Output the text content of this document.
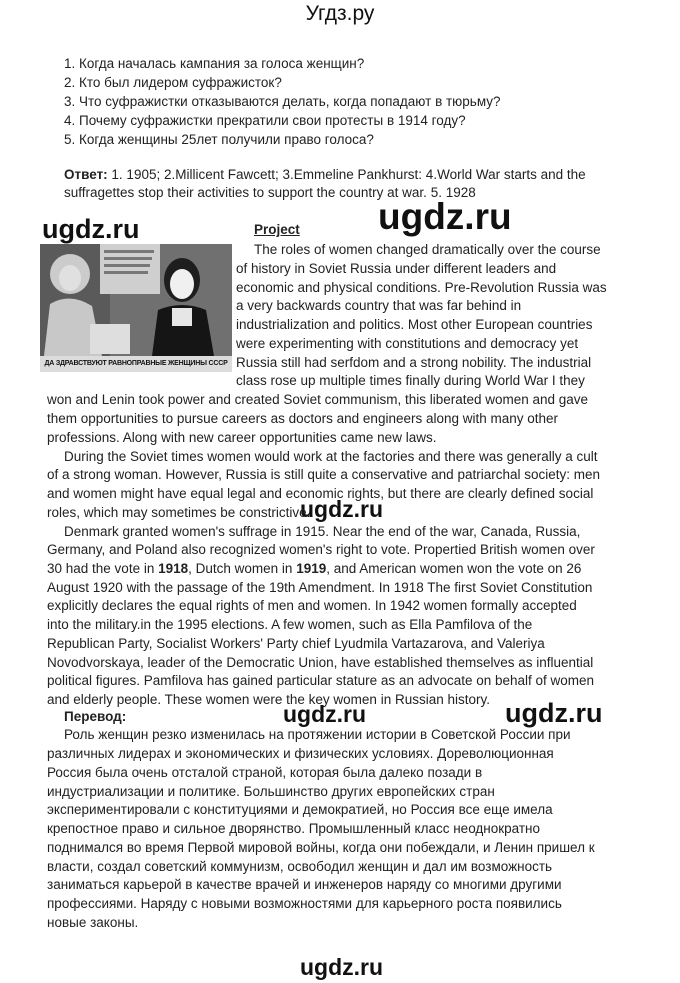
Угдз.ру
1. Когда началась кампания за голоса женщин?
2. Кто был лидером суфражисток?
3. Что суфражистки отказываются делать, когда попадают в тюрьму?
4. Почему суфражистки прекратили свои протесты в 1914 году?
5. Когда женщины 25лет получили право голоса?
Ответ: 1. 1905; 2.Millicent Fawcett; 3.Emmeline Pankhurst: 4.World War starts and the suffragettes stop their activities to support the country at war. 5. 1928
ugdz.ru	ugdz.ru
ugdz.ru
ugdz.ru	ugdz.ru
ugdz.ru
ДА ЗДРАВСТВУЮТ РАВНОПРАВНЫЕ ЖЕНЩИНЫ СССР
Project
The roles of women changed dramatically over the course
of history in Soviet Russia under different leaders and
economic and physical conditions. Pre-Revolution Russia was
a very backwards country that was far behind in
industrialization and politics. Most other European countries
were experimenting with constitutions and democracy yet
Russia still had serfdom and a strong nobility. The industrial
class rose up multiple times finally during World War I they
won and Lenin took power and created Soviet communism, this liberated women and gave
them opportunities to pursue careers as doctors and engineers along with many other
professions. Along with new career opportunities came new laws.
During the Soviet times women would work at the factories and there was generally a cult
of a strong woman. However, Russia is still quite a conservative and patriarchal society: men
and women might have equal legal and economic rights, but there are clearly defined social
roles, which may sometimes be constrictive.
Denmark granted women's suffrage in 1915. Near the end of the war, Canada, Russia,
Germany, and Poland also recognized women's right to vote. Propertied British women over
30 had the vote in 1918, Dutch women in 1919, and American women won the vote on 26
August 1920 with the passage of the 19th Amendment. In 1918 The first Soviet Constitution
explicitly declares the equal rights of men and women. In 1942 women formally accepted
into the military.in the 1995 elections. A few women, such as Ella Pamfilova of the
Republican Party, Socialist Workers' Party chief Lyudmila Vartazarova, and Valeriya
Novodvorskaya, leader of the Democratic Union, have established themselves as influential
political figures. Pamfilova has gained particular stature as an advocate on behalf of women
and elderly people. These women were the key women in Russian history.
Перевод:
Роль женщин резко изменилась на протяжении истории в Советской России при
различных лидерах и экономических и физических условиях. Дореволюционная
Россия была очень отсталой страной, которая была далеко позади в
индустриализации и политике. Большинство других европейских стран
экспериментировали с конституциями и демократией, но Россия все еще имела
крепостное право и сильное дворянство. Промышленный класс неоднократно
поднимался во время Первой мировой войны, когда они побеждали, и Ленин пришел к
власти, создал советский коммунизм, освободил женщин и дал им возможность
заниматься карьерой в качестве врачей и инженеров наряду со многими другими
профессиями. Наряду с новыми возможностями для карьерного роста появились
новые законы.
